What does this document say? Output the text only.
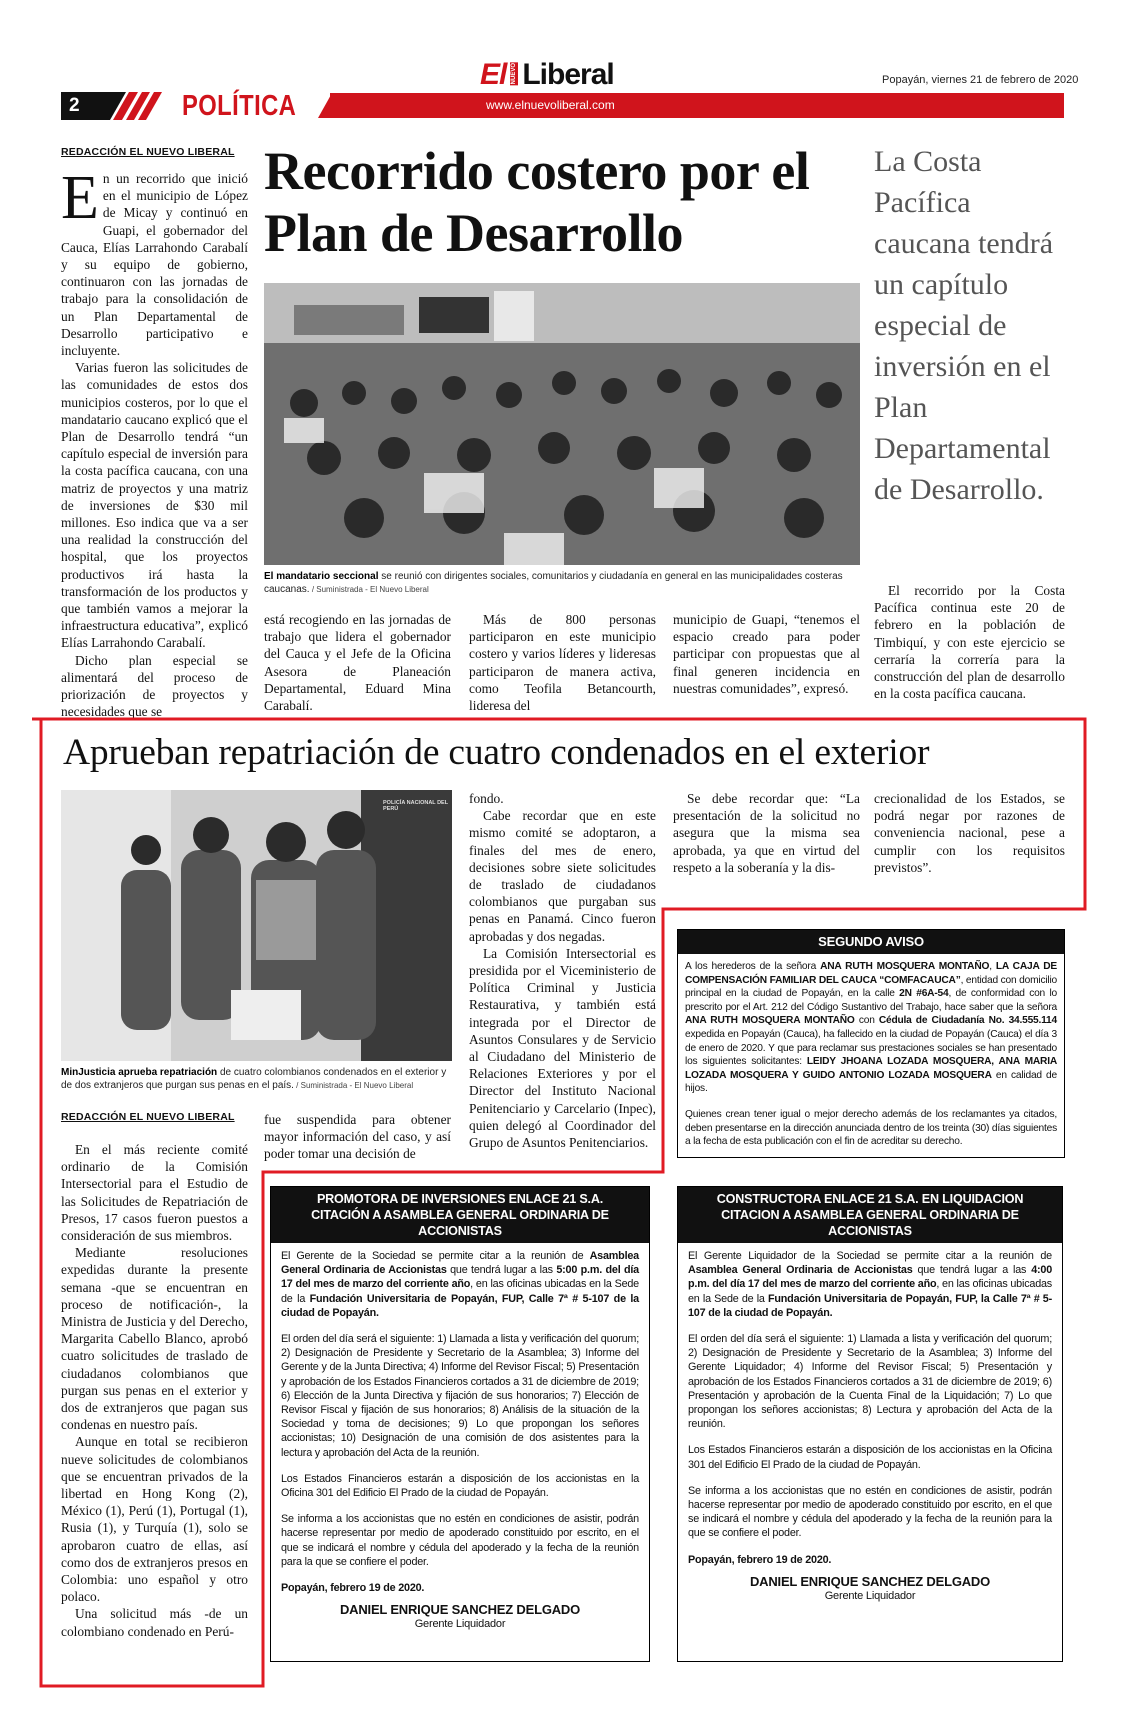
El NUEVO Liberal	Popayán, viernes 21 de febrero de 2020
2	POLÍTICA	www.elnuevoliberal.com
REDACCIÓN EL NUEVO LIBERAL Recorrido costero por el Plan de Desarrollo
La Costa Pacífica caucana tendrá un capítulo especial de inversión en el Plan Departamental de Desarrollo.

En un recorrido que inició en el municipio de López de Micay y continuó en Guapi, el gobernador del Cauca, Elías Larrahondo Carabalí y su equipo de gobierno, continuaron con las jornadas de trabajo para la consolidación de un Plan Departamental de Desarrollo participativo e incluyente.

Varias fueron las solicitudes de las comunidades de estos dos municipios costeros, por lo que el mandatario caucano explicó que el Plan de Desarrollo tendrá “un capítulo especial de inversión para la costa pacífica caucana, con una matriz de proyectos y una matriz de inversiones de $30 mil millones. Eso indica que va a ser una realidad la construcción del hospital, que los proyectos productivos irá hasta la transformación de los productos y que también vamos a mejorar la infraestructura educativa”, explicó Elías Larrahondo Carabalí.

Dicho plan especial se alimentará del proceso de priorización de proyectos y necesidades que se

El mandatario seccional se reunió con dirigentes sociales, comunitarios y ciudadanía en general en las municipalidades costeras caucanas. / Suministrada - El Nuevo Liberal

está recogiendo en las jornadas de trabajo que lidera el gobernador del Cauca y el Jefe de la Oficina Asesora de Planeación Departamental, Eduard Mina Carabalí.

Más de 800 personas participaron en este municipio costero y varios líderes y lideresas participaron de manera activa, como Teofila Betancourth, lideresa del

municipio de Guapi, “tenemos el espacio creado para poder participar con propuestas que al final generen incidencia en nuestras comunidades”, expresó.

El recorrido por la Costa Pacífica continua este 20 de febrero en la población de Timbiquí, y con este ejercicio se cerraría la correría para la construcción del plan de desarrollo en la costa pacífica caucana.

Aprueban repatriación de cuatro condenados en el exterior
POLICÍA NACIONAL DEL PERÚ
MinJusticia aprueba repatriación de cuatro colombianos condenados en el exterior y de dos extranjeros que purgan sus penas en el país. / Suministrada - El Nuevo Liberal
REDACCIÓN EL NUEVO LIBERAL

En el más reciente comité ordinario de la Comisión Intersectorial para el Estudio de las Solicitudes de Repatriación de Presos, 17 casos fueron puestos a consideración de sus miembros.

Mediante resoluciones expedidas durante la presente semana -que se encuentran en proceso de notificación-, la Ministra de Justicia y del Derecho, Margarita Cabello Blanco, aprobó cuatro solicitudes de traslado de ciudadanos colombianos que purgan sus penas en el exterior y dos de extranjeros que pagan sus condenas en nuestro país.

Aunque en total se recibieron nueve solicitudes de colombianos que se encuentran privados de la libertad en Hong Kong (2), México (1), Perú (1), Portugal (1), Rusia (1), y Turquía (1), solo se aprobaron cuatro de ellas, así como dos de extranjeros presos en Colombia: uno español y otro polaco.

Una solicitud más -de un colombiano condenado en Perú-

fue suspendida para obtener mayor información del caso, y así poder tomar una decisión de

fondo.

Cabe recordar que en este mismo comité se adoptaron, a finales del mes de enero, decisiones sobre siete solicitudes de traslado de ciudadanos colombianos que purgaban sus penas en Panamá. Cinco fueron aprobadas y dos negadas.

La Comisión Intersectorial es presidida por el Viceministerio de Política Criminal y Justicia Restaurativa, y también está integrada por el Director de Asuntos Consulares y de Servicio al Ciudadano del Ministerio de Relaciones Exteriores y por el Director del Instituto Nacional Penitenciario y Carcelario (Inpec), quien delegó al Coordinador del Grupo de Asuntos Penitenciarios.

Se debe recordar que: “La presentación de la solicitud no asegura que la misma sea aprobada, ya que en virtud del respeto a la soberanía y la dis-

crecionalidad de los Estados, se podrá negar por razones de conveniencia nacional, pese a cumplir con los requisitos previstos”.

SEGUNDO AVISO

A los herederos de la señora ANA RUTH MOSQUERA MONTAÑO, LA CAJA DE COMPENSACIÓN FAMILIAR DEL CAUCA “COMFACAUCA”, entidad con domicilio principal en la ciudad de Popayán, en la calle 2N #6A-54, de conformidad con lo prescrito por el Art. 212 del Código Sustantivo del Trabajo, hace saber que la señora ANA RUTH MOSQUERA MONTAÑO con Cédula de Ciudadanía No. 34.555.114 expedida en Popayán (Cauca), ha fallecido en la ciudad de Popayán (Cauca) el día 3 de enero de 2020. Y que para reclamar sus prestaciones sociales se han presentado los siguientes solicitantes: LEIDY JHOANA LOZADA MOSQUERA, ANA MARIA LOZADA MOSQUERA Y GUIDO ANTONIO LOZADA MOSQUERA en calidad de hijos.

Quienes crean tener igual o mejor derecho además de los reclamantes ya citados, deben presentarse en la dirección anunciada dentro de los treinta (30) días siguientes a la fecha de esta publicación con el fin de acreditar su derecho.

PROMOTORA DE INVERSIONES ENLACE 21 S.A.
CITACIÓN A ASAMBLEA GENERAL ORDINARIA DE ACCIONISTAS

El Gerente de la Sociedad se permite citar a la reunión de Asamblea General Ordinaria de Accionistas que tendrá lugar a las 5:00 p.m. del día 17 del mes de marzo del corriente año, en las oficinas ubicadas en la Sede de la Fundación Universitaria de Popayán, FUP, Calle 7ª # 5-107 de la ciudad de Popayán.

El orden del día será el siguiente: 1) Llamada a lista y verificación del quorum; 2) Designación de Presidente y Secretario de la Asamblea; 3) Informe del Gerente y de la Junta Directiva; 4) Informe del Revisor Fiscal; 5) Presentación y aprobación de los Estados Financieros cortados a 31 de diciembre de 2019; 6) Elección de la Junta Directiva y fijación de sus honorarios; 7) Elección de Revisor Fiscal y fijación de sus honorarios; 8) Análisis de la situación de la Sociedad y toma de decisiones; 9) Lo que propongan los señores accionistas; 10) Designación de una comisión de dos asistentes para la lectura y aprobación del Acta de la reunión.

Los Estados Financieros estarán a disposición de los accionistas en la Oficina 301 del Edificio El Prado de la ciudad de Popayán.

Se informa a los accionistas que no estén en condiciones de asistir, podrán hacerse representar por medio de apoderado constituido por escrito, en el que se indicará el nombre y cédula del apoderado y la fecha de la reunión para la que se confiere el poder.

Popayán, febrero 19 de 2020.

DANIEL ENRIQUE SANCHEZ DELGADO
Gerente Liquidador
CONSTRUCTORA ENLACE 21 S.A. EN LIQUIDACION
CITACION A ASAMBLEA GENERAL ORDINARIA DE ACCIONISTAS

El Gerente Liquidador de la Sociedad se permite citar a la reunión de Asamblea General Ordinaria de Accionistas que tendrá lugar a las 4:00 p.m. del día 17 del mes de marzo del corriente año, en las oficinas ubicadas en la Sede de la Fundación Universitaria de Popayán, FUP, la Calle 7ª # 5-107 de la ciudad de Popayán.

El orden del día será el siguiente: 1) Llamada a lista y verificación del quorum; 2) Designación de Presidente y Secretario de la Asamblea; 3) Informe del Gerente Liquidador; 4) Informe del Revisor Fiscal; 5) Presentación y aprobación de los Estados Financieros cortados a 31 de diciembre de 2019; 6) Presentación y aprobación de la Cuenta Final de la Liquidación; 7) Lo que propongan los señores accionistas; 8) Lectura y aprobación del Acta de la reunión.

Los Estados Financieros estarán a disposición de los accionistas en la Oficina 301 del Edificio El Prado de la ciudad de Popayán.

Se informa a los accionistas que no estén en condiciones de asistir, podrán hacerse representar por medio de apoderado constituido por escrito, en el que se indicará el nombre y cédula del apoderado y la fecha de la reunión para la que se confiere el poder.

Popayán, febrero 19 de 2020.

DANIEL ENRIQUE SANCHEZ DELGADO
Gerente Liquidador
